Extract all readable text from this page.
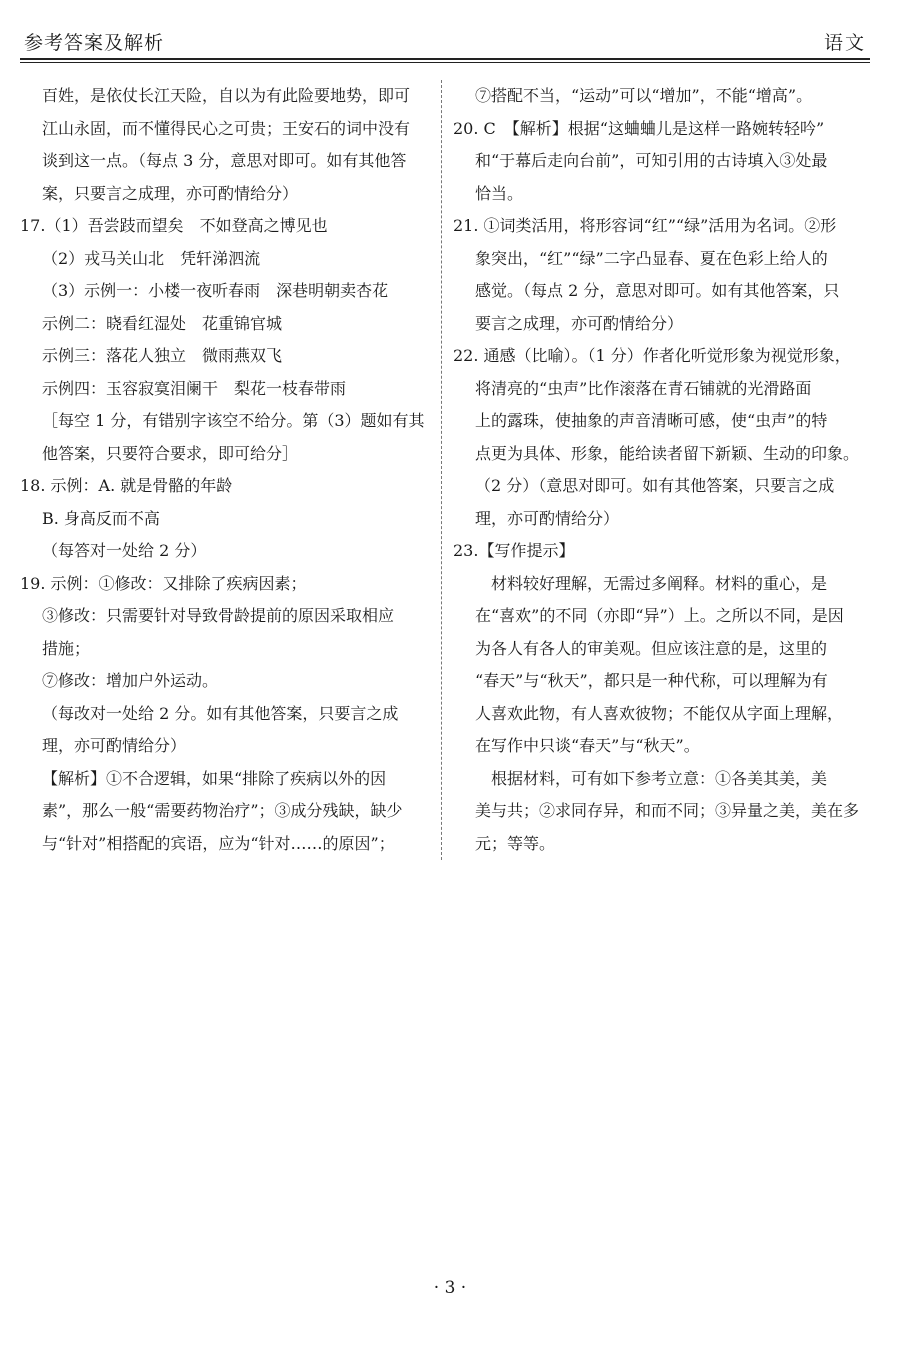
参考答案及解析	语文
百姓，是依仗长江天险，自以为有此险要地势，即可
江山永固，而不懂得民心之可贵；王安石的词中没有
谈到这一点。（每点 3 分，意思对即可。如有其他答
案，只要言之成理，亦可酌情给分）
17.（1）吾尝跂而望矣　不如登高之博见也
（2）戎马关山北　凭轩涕泗流
（3）示例一：小楼一夜听春雨　深巷明朝卖杏花
示例二：晓看红湿处　花重锦官城
示例三：落花人独立　微雨燕双飞
示例四：玉容寂寞泪阑干　梨花一枝春带雨
［每空 1 分，有错别字该空不给分。第（3）题如有其
他答案，只要符合要求，即可给分］
18. 示例：A. 就是骨骼的年龄
B. 身高反而不高
（每答对一处给 2 分）
19. 示例：①修改：又排除了疾病因素；
③修改：只需要针对导致骨龄提前的原因采取相应
措施；
⑦修改：增加户外运动。
（每改对一处给 2 分。如有其他答案，只要言之成
理，亦可酌情给分）
【解析】①不合逻辑，如果“排除了疾病以外的因
素”，那么一般“需要药物治疗”；③成分残缺，缺少
与“针对”相搭配的宾语，应为“针对……的原因”；
⑦搭配不当，“运动”可以“增加”，不能“增高”。
20. C　【解析】根据“这蛐蛐儿是这样一路婉转轻吟”
和“于幕后走向台前”，可知引用的古诗填入③处最
恰当。
21. ①词类活用，将形容词“红”“绿”活用为名词。②形
象突出，“红”“绿”二字凸显春、夏在色彩上给人的
感觉。（每点 2 分，意思对即可。如有其他答案，只
要言之成理，亦可酌情给分）
22. 通感（比喻）。（1 分）作者化听觉形象为视觉形象，
将清亮的“虫声”比作滚落在青石铺就的光滑路面
上的露珠，使抽象的声音清晰可感，使“虫声”的特
点更为具体、形象，能给读者留下新颖、生动的印象。
（2 分）（意思对即可。如有其他答案，只要言之成
理，亦可酌情给分）
23.【写作提示】
材料较好理解，无需过多阐释。材料的重心，是
在“喜欢”的不同（亦即“异”）上。之所以不同，是因
为各人有各人的审美观。但应该注意的是，这里的
“春天”与“秋天”，都只是一种代称，可以理解为有
人喜欢此物，有人喜欢彼物；不能仅从字面上理解，
在写作中只谈“春天”与“秋天”。
根据材料，可有如下参考立意：①各美其美，美
美与共；②求同存异，和而不同；③异量之美，美在多
元；等等。
· 3 ·
